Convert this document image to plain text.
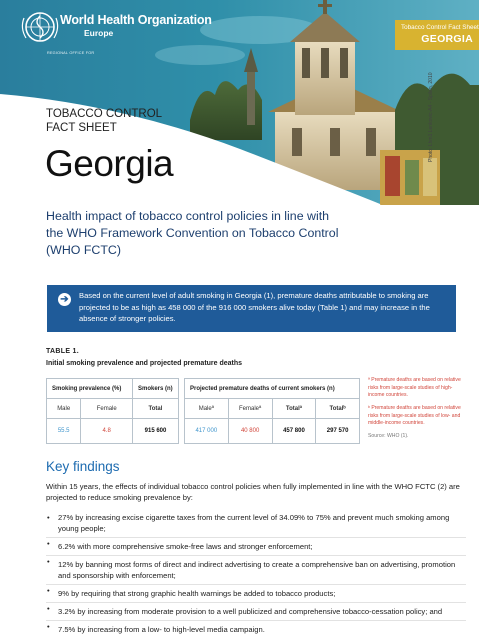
World Health Organization
REGIONAL OFFICE FOR
Europe
Tobacco Control Fact Sheet
GEORGIA
Photo: Lhm1 Lenkovic-A4 - Spilen, 2010
TOBACCO CONTROL
FACT SHEET
Georgia
Health impact of tobacco control policies in line with the WHO Framework Convention on Tobacco Control (WHO FCTC)
➔	Based on the current level of adult smoking in Georgia (1), premature deaths attributable to smoking are projected to be as high as 458 000 of the 916 000 smokers alive today (Table 1) and may increase in the absence of stronger policies.
TABLE 1.
Initial smoking prevalence and projected premature deaths
Smoking prevalence (%)		Smokers (n)
Male	Female	Total
55.5	4.8	915 600
Projected premature deaths of current smokers (n)			
Maleª	Femaleª	Totalª	Totalᵇ
417 000	40 800	457 800	297 570

ª Premature deaths are based on relative risks from large-scale studies of high-income countries.

ᵇ Premature deaths are based on relative risks from large-scale studies of low- and middle-income countries.

Source: WHO (1).

Key findings
Within 15 years, the effects of individual tobacco control policies when fully implemented in line with the WHO FCTC (2) are projected to reduce smoking prevalence by:
• 27% by increasing excise cigarette taxes from the current level of 34.09% to 75% and prevent much smoking among young people;
• 6.2% with more comprehensive smoke-free laws and stronger enforcement;
• 12% by banning most forms of direct and indirect advertising to create a comprehensive ban on advertising, promotion and sponsorship with enforcement;
• 9% by requiring that strong graphic health warnings be added to tobacco products;
• 3.2% by increasing from moderate provision to a well publicized and comprehensive tobacco-cessation policy; and
• 7.5% by increasing from a low- to high-level media campaign.
